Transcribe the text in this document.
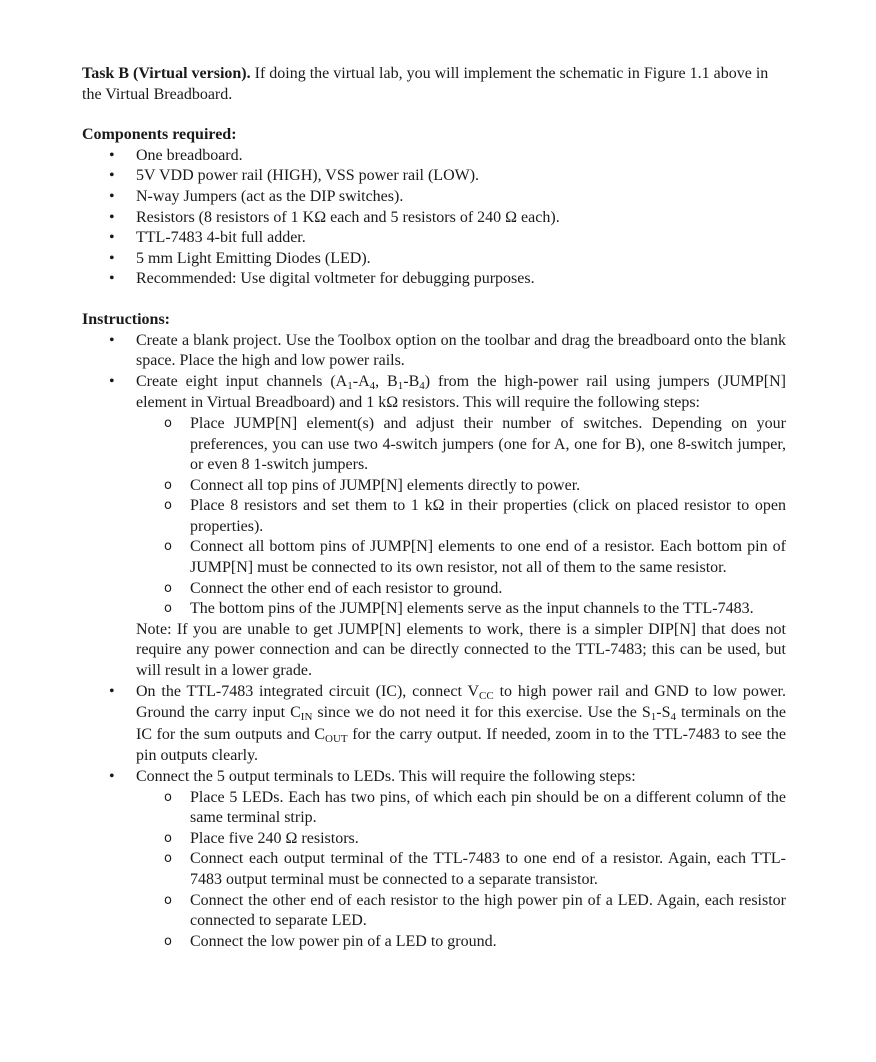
Task B (Virtual version). If doing the virtual lab, you will implement the schematic in Figure 1.1 above in the Virtual Breadboard.

Components required:

• One breadboard.
• 5V VDD power rail (HIGH), VSS power rail (LOW).
• N-way Jumpers (act as the DIP switches).
• Resistors (8 resistors of 1 KΩ each and 5 resistors of 240 Ω each).
• TTL-7483 4-bit full adder.
• 5 mm Light Emitting Diodes (LED).
• Recommended: Use digital voltmeter for debugging purposes.

Instructions:

• Create a blank project. Use the Toolbox option on the toolbar and drag the breadboard onto the blank space. Place the high and low power rails.
• Create eight input channels (A1-A4, B1-B4) from the high-power rail using jumpers (JUMP[N] element in Virtual Breadboard) and 1 kΩ resistors. This will require the following steps:
o Place JUMP[N] element(s) and adjust their number of switches. Depending on your preferences, you can use two 4-switch jumpers (one for A, one for B), one 8-switch jumper, or even 8 1-switch jumpers.
o Connect all top pins of JUMP[N] elements directly to power.
o Place 8 resistors and set them to 1 kΩ in their properties (click on placed resistor to open properties).
o Connect all bottom pins of JUMP[N] elements to one end of a resistor. Each bottom pin of JUMP[N] must be connected to its own resistor, not all of them to the same resistor.
o Connect the other end of each resistor to ground.
o The bottom pins of the JUMP[N] elements serve as the input channels to the TTL-7483.

Note: If you are unable to get JUMP[N] elements to work, there is a simpler DIP[N] that does not require any power connection and can be directly connected to the TTL-7483; this can be used, but will result in a lower grade.

• On the TTL-7483 integrated circuit (IC), connect VCC to high power rail and GND to low power. Ground the carry input CIN since we do not need it for this exercise. Use the S1-S4 terminals on the IC for the sum outputs and COUT for the carry output. If needed, zoom in to the TTL-7483 to see the pin outputs clearly.
• Connect the 5 output terminals to LEDs. This will require the following steps:
o Place 5 LEDs. Each has two pins, of which each pin should be on a different column of the same terminal strip.
o Place five 240 Ω resistors.
o Connect each output terminal of the TTL-7483 to one end of a resistor. Again, each TTL-7483 output terminal must be connected to a separate transistor.
o Connect the other end of each resistor to the high power pin of a LED. Again, each resistor connected to separate LED.
o Connect the low power pin of a LED to ground.
